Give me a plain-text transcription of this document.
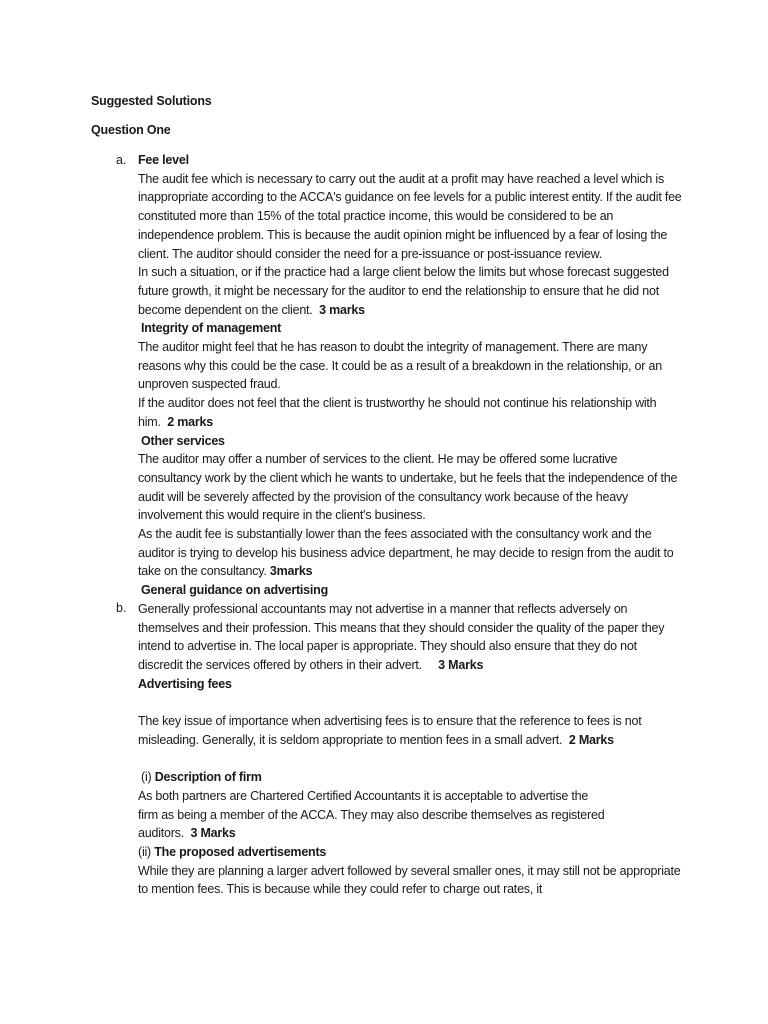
Suggested Solutions
Question One
a.
b.

Fee level

The audit fee which is necessary to carry out the audit at a profit may have reached a level which is inappropriate according to the ACCA's guidance on fee levels for a public interest entity. If the audit fee constituted more than 15% of the total practice income, this would be considered to be an independence problem. This is because the audit opinion might be influenced by a fear of losing the client. The auditor should consider the need for a pre-issuance or post-issuance review.

In such a situation, or if the practice had a large client below the limits but whose forecast suggested future growth, it might be necessary for the auditor to end the relationship to ensure that he did not become dependent on the client. 3 marks

Integrity of management

The auditor might feel that he has reason to doubt the integrity of management. There are many reasons why this could be the case. It could be as a result of a breakdown in the relationship, or an unproven suspected fraud.

If the auditor does not feel that the client is trustworthy he should not continue his relationship with him. 2 marks

Other services

The auditor may offer a number of services to the client. He may be offered some lucrative consultancy work by the client which he wants to undertake, but he feels that the independence of the audit will be severely affected by the provision of the consultancy work because of the heavy involvement this would require in the client's business.

As the audit fee is substantially lower than the fees associated with the consultancy work and the auditor is trying to develop his business advice department, he may decide to resign from the audit to take on the consultancy. 3marks

General guidance on advertising

Generally professional accountants may not advertise in a manner that reflects adversely on themselves and their profession. This means that they should consider the quality of the paper they intend to advertise in. The local paper is appropriate. They should also ensure that they do not discredit the services offered by others in their advert. 3 Marks

Advertising fees

The key issue of importance when advertising fees is to ensure that the reference to fees is not misleading. Generally, it is seldom appropriate to mention fees in a small advert. 2 Marks

(i) Description of firm

As both partners are Chartered Certified Accountants it is acceptable to advertise the

firm as being a member of the ACCA. They may also describe themselves as registered

auditors. 3 Marks

(ii) The proposed advertisements

While they are planning a larger advert followed by several smaller ones, it may still not be appropriate to mention fees. This is because while they could refer to charge out rates, it
